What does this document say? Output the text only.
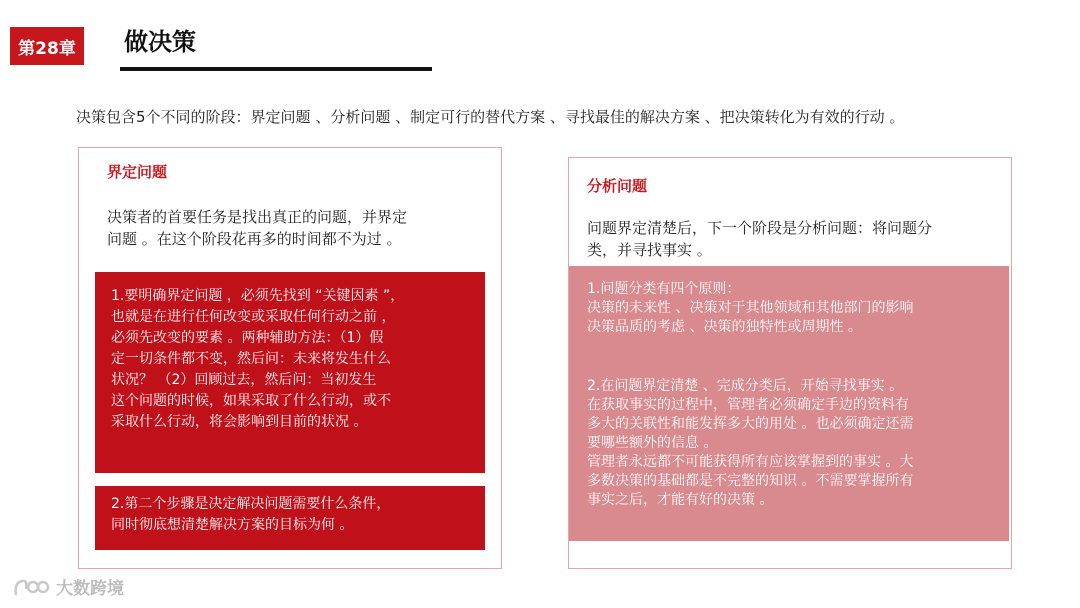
第28章	做决策
决策包含5个不同的阶段：界定问题 、分析问题 、制定可行的替代方案 、寻找最佳的解决方案 、把决策转化为有效的行动 。
界定问题
决策者的首要任务是找出真正的问题，并界定
问题 。在这个阶段花再多的时间都不为过 。

1.要明确界定问题 ，必须先找到 “关键因素 ”，

也就是在进行任何改变或采取任何行动之前 ，

必须先改变的要素 。两种辅助方法：（1）假

定一切条件都不变，然后问：未来将发生什么

状况？ （2）回顾过去，然后问：当初发生

这个问题的时候，如果采取了什么行动，或不

采取什么行动，将会影响到目前的状况 。

2.第二个步骤是决定解决问题需要什么条件，

同时彻底想清楚解决方案的目标为何 。

分析问题
问题界定清楚后，下一个阶段是分析问题：将问题分
类，并寻找事实 。

1.问题分类有四个原则：

决策的未来性 、决策对于其他领域和其他部门的影响

决策品质的考虑 、决策的独特性或周期性 。

2.在问题界定清楚 、完成分类后，开始寻找事实 。

在获取事实的过程中，管理者必须确定手边的资料有

多大的关联性和能发挥多大的用处 。也必须确定还需

要哪些额外的信息 。

管理者永远都不可能获得所有应该掌握到的事实 。大

多数决策的基础都是不完整的知识 。不需要掌握所有

事实之后，才能有好的决策 。

大数跨境
